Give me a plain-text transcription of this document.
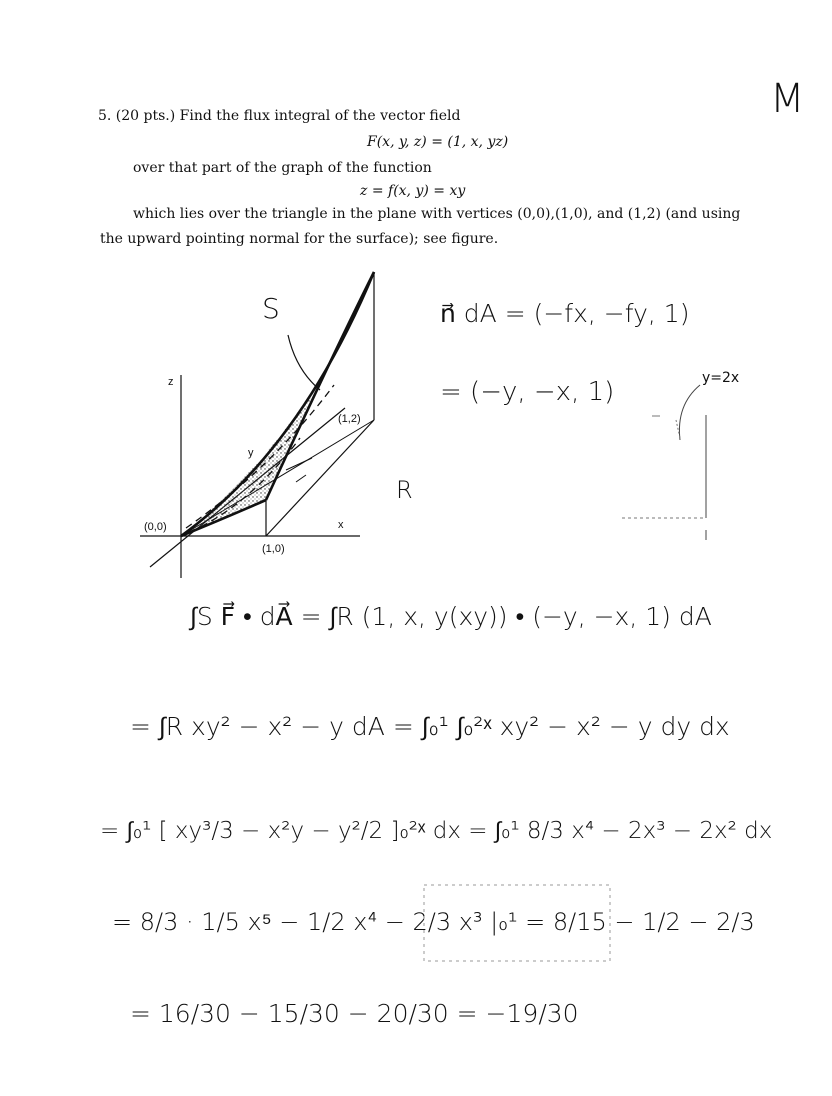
5. (20 pts.) Find the flux integral of the vector field
F(x, y, z) = (1, x, yz)
over that part of the graph of the function
z = f(x, y) = xy
which lies over the triangle in the plane with vertices (0,0),(1,0), and (1,2) (and using
the upward pointing normal for the surface); see figure.
M
S
z
y
x
(0,0)
(1,0)
(1,2)
R
y=2x
n⃗ dA = (−fx, −fy, 1)
= (−y, −x, 1)
∫S F⃗ • dA⃗ = ∫R (1, x, y(xy)) • (−y, −x, 1) dA
= ∫R xy² − x² − y dA = ∫₀¹ ∫₀²ˣ xy² − x² − y dy dx
= ∫₀¹ [ xy³/3 − x²y − y²/2 ]₀²ˣ dx = ∫₀¹ 8/3 x⁴ − 2x³ − 2x² dx
= 8/3 · 1/5 x⁵ − 1/2 x⁴ − 2/3 x³ |₀¹ = 8/15 − 1/2 − 2/3
= 16/30 − 15/30 − 20/30 = −19/30
